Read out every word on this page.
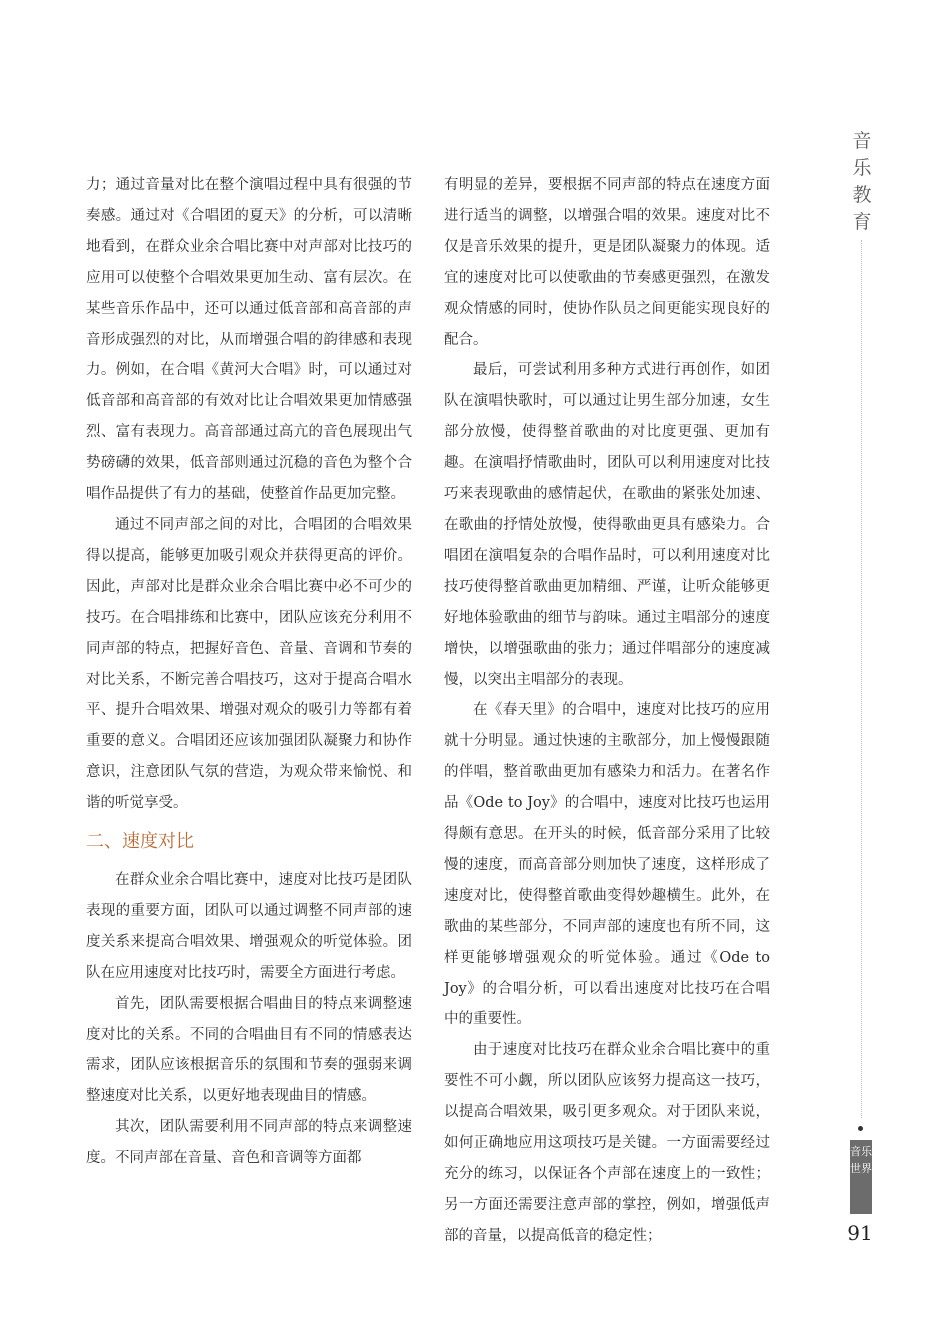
力；通过音量对比在整个演唱过程中具有很强的节奏感。通过对《合唱团的夏天》的分析，可以清晰地看到，在群众业余合唱比赛中对声部对比技巧的应用可以使整个合唱效果更加生动、富有层次。在某些音乐作品中，还可以通过低音部和高音部的声音形成强烈的对比，从而增强合唱的韵律感和表现力。例如，在合唱《黄河大合唱》时，可以通过对低音部和高音部的有效对比让合唱效果更加情感强烈、富有表现力。高音部通过高亢的音色展现出气势磅礴的效果，低音部则通过沉稳的音色为整个合唱作品提供了有力的基础，使整首作品更加完整。

通过不同声部之间的对比，合唱团的合唱效果得以提高，能够更加吸引观众并获得更高的评价。因此，声部对比是群众业余合唱比赛中必不可少的技巧。在合唱排练和比赛中，团队应该充分利用不同声部的特点，把握好音色、音量、音调和节奏的对比关系，不断完善合唱技巧，这对于提高合唱水平、提升合唱效果、增强对观众的吸引力等都有着重要的意义。合唱团还应该加强团队凝聚力和协作意识，注意团队气氛的营造，为观众带来愉悦、和谐的听觉享受。

二、速度对比

在群众业余合唱比赛中，速度对比技巧是团队表现的重要方面，团队可以通过调整不同声部的速度关系来提高合唱效果、增强观众的听觉体验。团队在应用速度对比技巧时，需要全方面进行考虑。

首先，团队需要根据合唱曲目的特点来调整速度对比的关系。不同的合唱曲目有不同的情感表达需求，团队应该根据音乐的氛围和节奏的强弱来调整速度对比关系，以更好地表现曲目的情感。

其次，团队需要利用不同声部的特点来调整速度。不同声部在音量、音色和音调等方面都

有明显的差异，要根据不同声部的特点在速度方面进行适当的调整，以增强合唱的效果。速度对比不仅是音乐效果的提升，更是团队凝聚力的体现。适宜的速度对比可以使歌曲的节奏感更强烈，在激发观众情感的同时，使协作队员之间更能实现良好的配合。

最后，可尝试利用多种方式进行再创作，如团队在演唱快歌时，可以通过让男生部分加速，女生部分放慢，使得整首歌曲的对比度更强、更加有趣。在演唱抒情歌曲时，团队可以利用速度对比技巧来表现歌曲的感情起伏，在歌曲的紧张处加速、在歌曲的抒情处放慢，使得歌曲更具有感染力。合唱团在演唱复杂的合唱作品时，可以利用速度对比技巧使得整首歌曲更加精细、严谨，让听众能够更好地体验歌曲的细节与韵味。通过主唱部分的速度增快，以增强歌曲的张力；通过伴唱部分的速度减慢，以突出主唱部分的表现。

在《春天里》的合唱中，速度对比技巧的应用就十分明显。通过快速的主歌部分，加上慢慢跟随的伴唱，整首歌曲更加有感染力和活力。在著名作品《Ode to Joy》的合唱中，速度对比技巧也运用得颇有意思。在开头的时候，低音部分采用了比较慢的速度，而高音部分则加快了速度，这样形成了速度对比，使得整首歌曲变得妙趣横生。此外，在歌曲的某些部分，不同声部的速度也有所不同，这样更能够增强观众的听觉体验。通过《Ode to Joy》的合唱分析，可以看出速度对比技巧在合唱中的重要性。

由于速度对比技巧在群众业余合唱比赛中的重要性不可小觑，所以团队应该努力提高这一技巧，以提高合唱效果，吸引更多观众。对于团队来说，如何正确地应用这项技巧是关键。一方面需要经过充分的练习，以保证各个声部在速度上的一致性；另一方面还需要注意声部的掌控，例如，增强低声部的音量，以提高低音的稳定性；

音乐教育
音乐世界
91
